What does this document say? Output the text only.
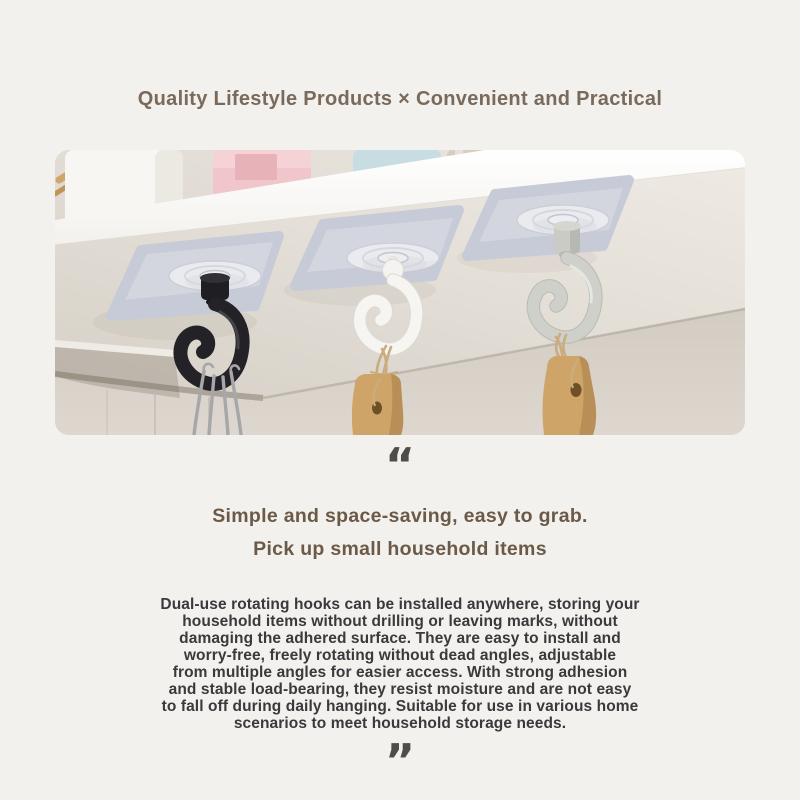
Quality Lifestyle Products × Convenient and Practical
“

Simple and space-saving, easy to grab.

Pick up small household items

Dual-use rotating hooks can be installed anywhere, storing your
household items without drilling or leaving marks, without
damaging the adhered surface. They are easy to install and
worry-free, freely rotating without dead angles, adjustable
from multiple angles for easier access. With strong adhesion
and stable load-bearing, they resist moisture and are not easy
to fall off during daily hanging. Suitable for use in various home
scenarios to meet household storage needs.
”
